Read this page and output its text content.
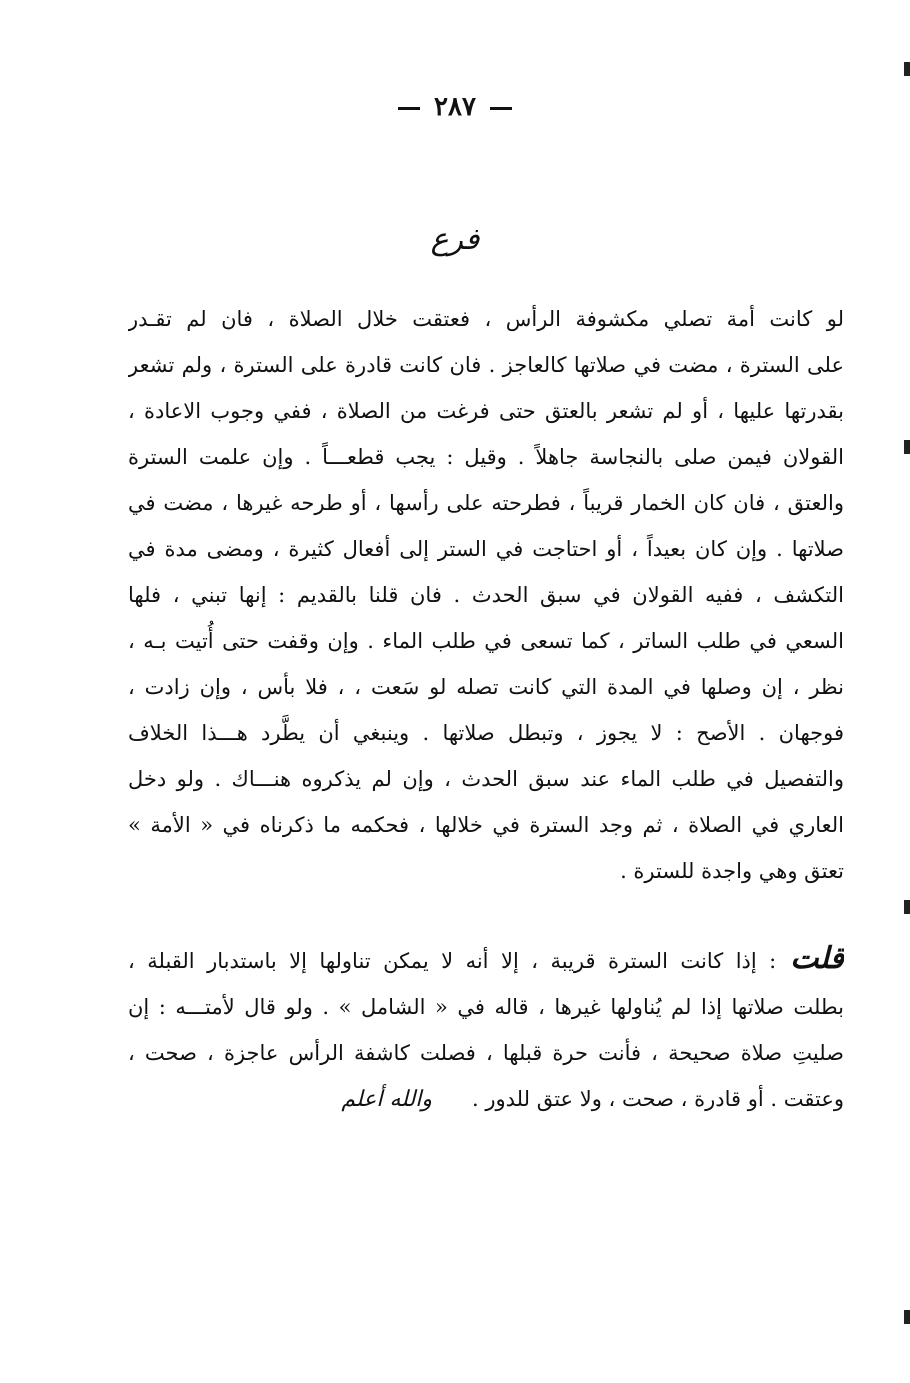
٢٨٧
فرع
لو كانت أمة تصلي مكشوفة الرأس ، فعتقت خلال الصلاة ، فان لم تقـدر
على السترة ، مضت في صلاتها كالعاجز . فان كانت قادرة على السترة ، ولم تشعر
بقدرتها عليها ، أو لم تشعر بالعتق حتى فرغت من الصلاة ، ففي وجوب الاعادة ،
القولان فيمن صلى بالنجاسة جاهلاً . وقيل : يجب قطعـــاً . وإن علمت السترة
والعتق ، فان كان الخمار قريباً ، فطرحته على رأسها ، أو طرحه غيرها ، مضت في
صلاتها . وإن كان بعيداً ، أو احتاجت في الستر إلى أفعال كثيرة ، ومضى مدة في
التكشف ، ففيه القولان في سبق الحدث . فان قلنا بالقديم : إنها تبني ، فلها
السعي في طلب الساتر ، كما تسعى في طلب الماء . وإن وقفت حتى أُتيت بـه ،
نظر ، إن وصلها في المدة التي كانت تصله لو سَعت ، ، فلا بأس ، وإن زادت ،
فوجهان . الأصح : لا يجوز ، وتبطل صلاتها . وينبغي أن يطَّرد هـــذا الخلاف
والتفصيل في طلب الماء عند سبق الحدث ، وإن لم يذكروه هنـــاك . ولو دخل
العاري في الصلاة ، ثم وجد السترة في خلالها ، فحكمه ما ذكرناه في « الأمة »
تعتق وهي واجدة للسترة .
قلت: إذا كانت السترة قريبة ، إلا أنه لا يمكن تناولها إلا باستدبار القبلة ،
بطلت صلاتها إذا لم يُناولها غيرها ، قاله في « الشامل » . ولو قال لأمتـــه : إن
صليتِ صلاة صحيحة ، فأنت حرة قبلها ، فصلت كاشفة الرأس عاجزة ، صحت ،
وعتقت . أو قادرة ، صحت ، ولا عتق للدور .والله أعلم
